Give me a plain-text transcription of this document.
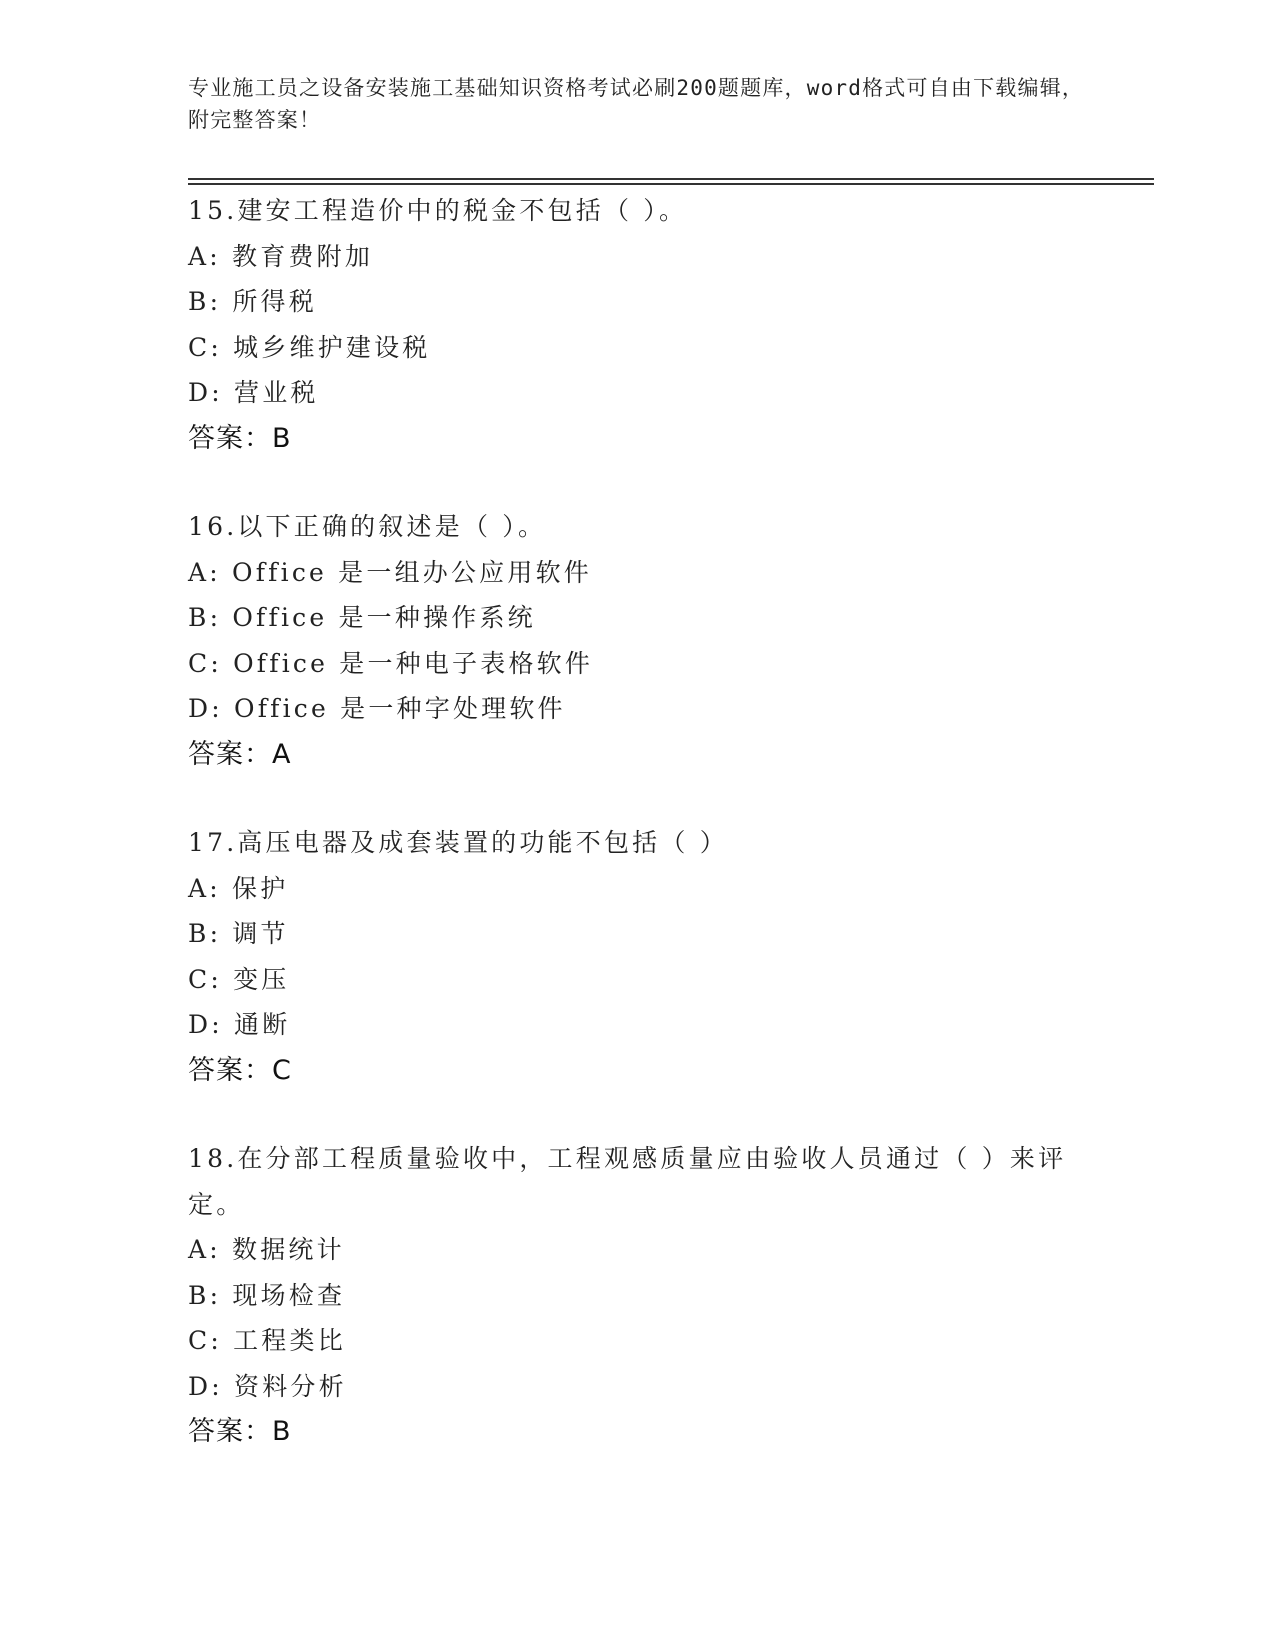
专业施工员之设备安装施工基础知识资格考试必刷200题题库，word格式可自由下载编辑，附完整答案！
15.建安工程造价中的税金不包括（ ）。
A: 教育费附加
B: 所得税
C: 城乡维护建设税
D: 营业税
答案：B
16.以下正确的叙述是（ ）。
A: Office 是一组办公应用软件
B: Office 是一种操作系统
C: Office 是一种电子表格软件
D: Office 是一种字处理软件
答案：A
17.高压电器及成套装置的功能不包括（ ）
A: 保护
B: 调节
C: 变压
D: 通断
答案：C
18.在分部工程质量验收中，工程观感质量应由验收人员通过（ ）来评定。
A: 数据统计
B: 现场检查
C: 工程类比
D: 资料分析
答案：B
